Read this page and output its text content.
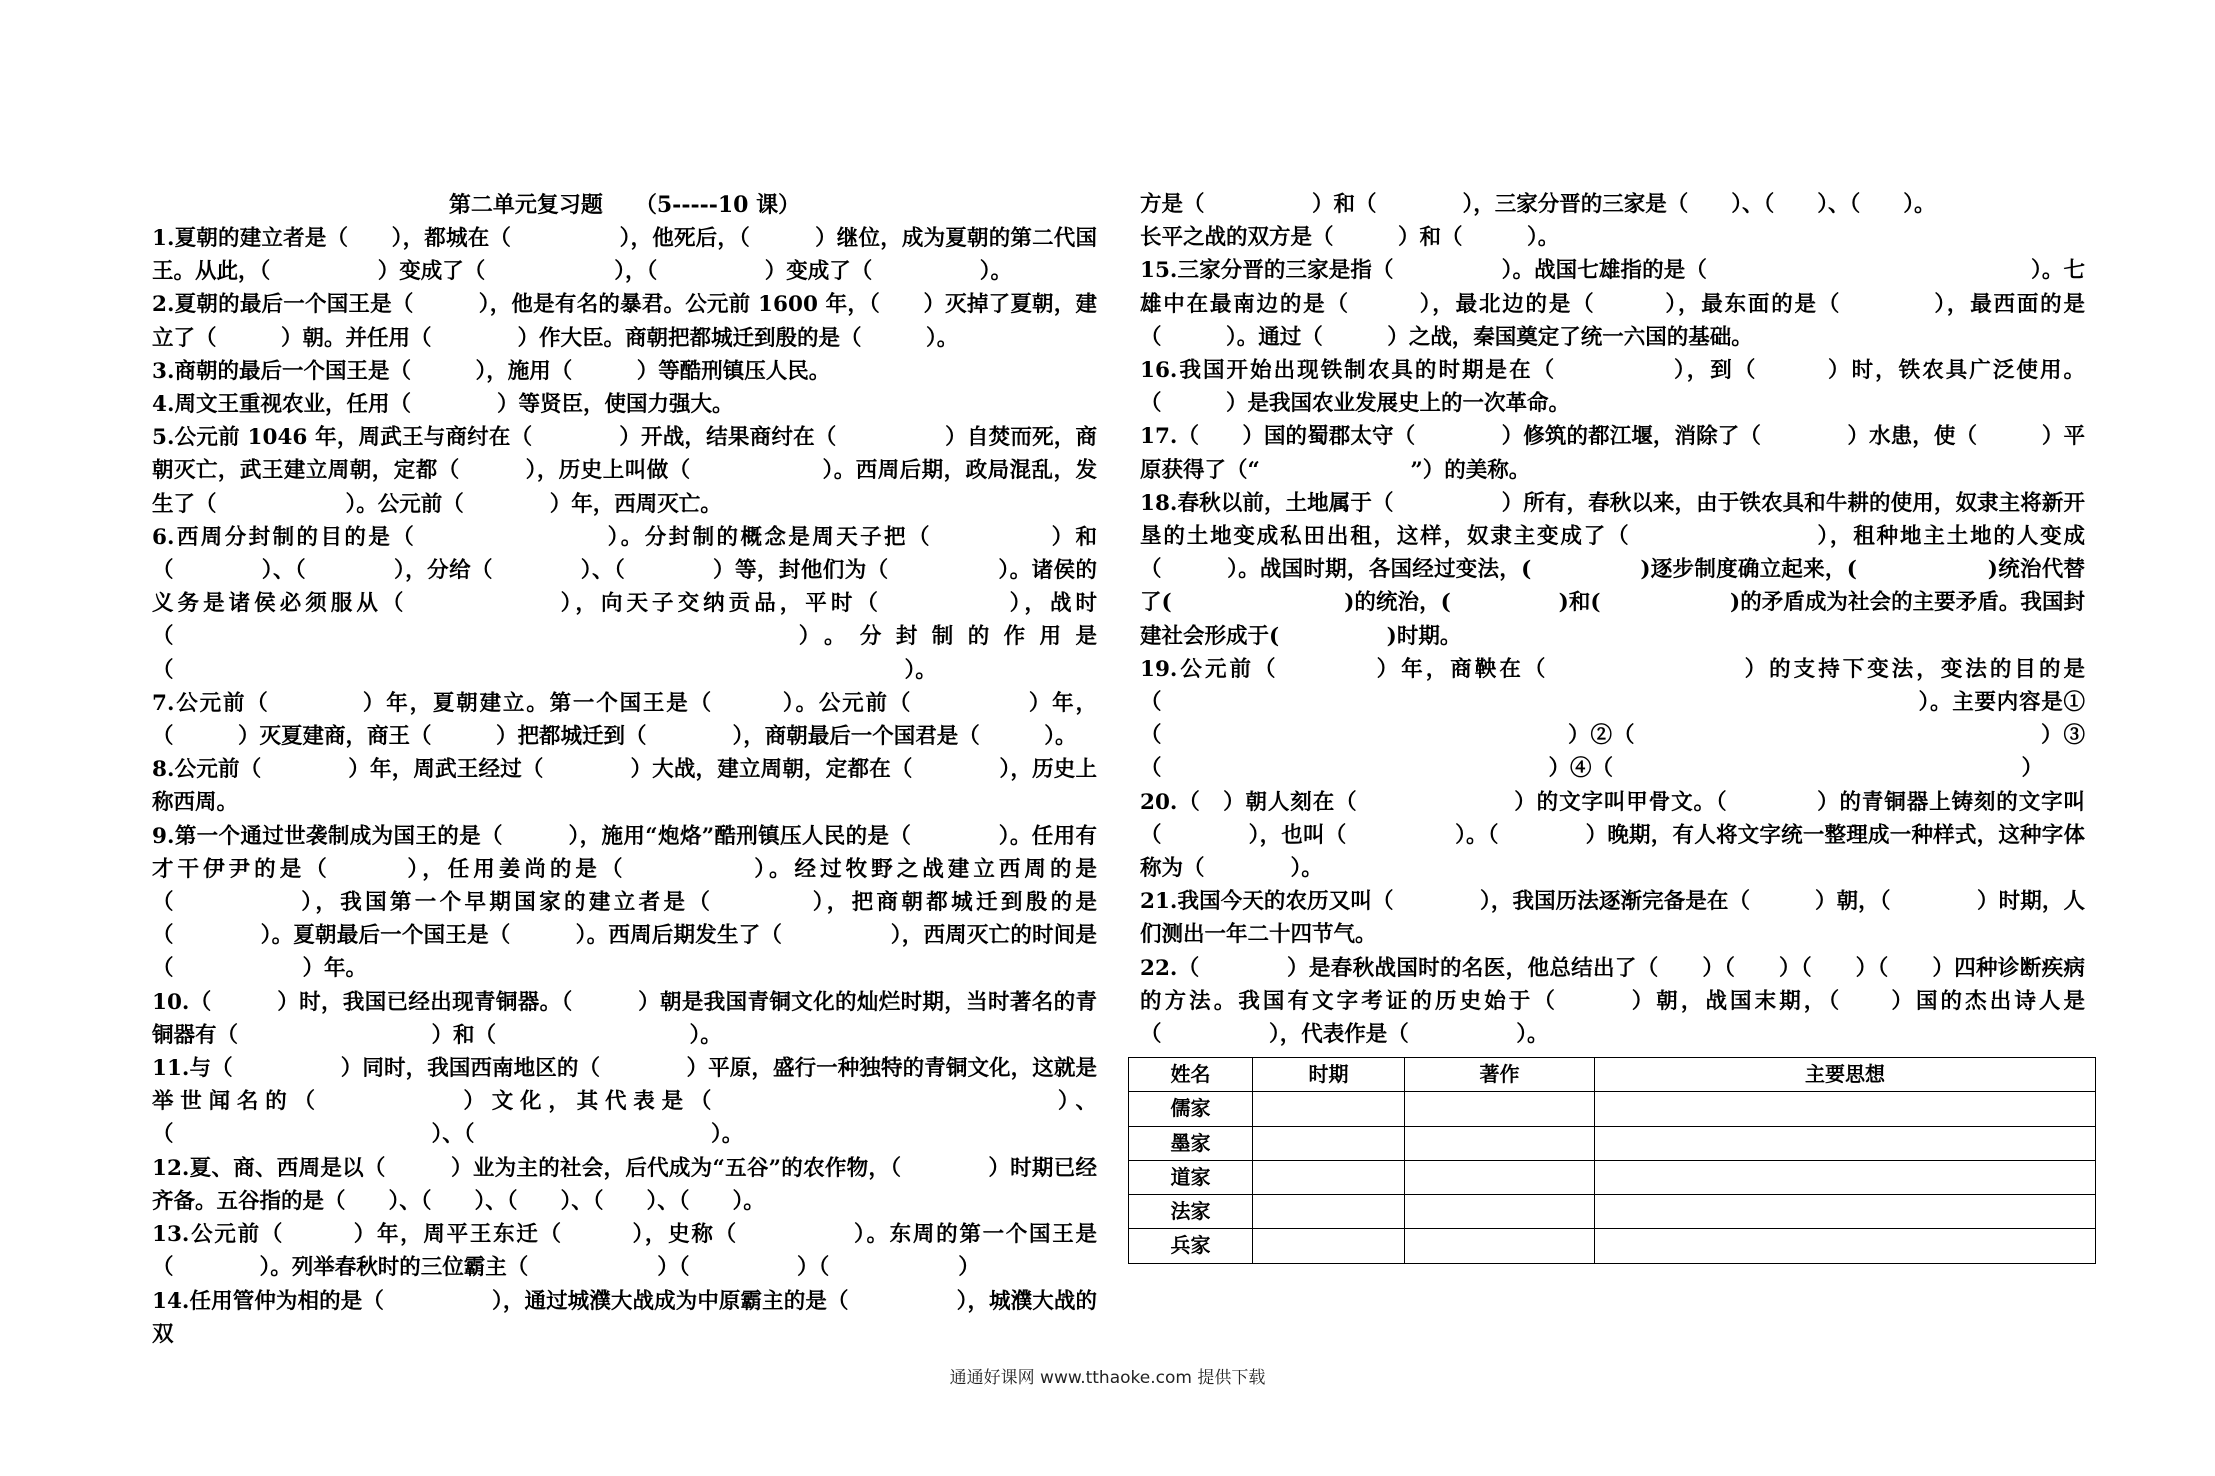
第二单元复习题 （5-----10 课）

1.夏朝的建立者是（　　），都城在（　　　　　），他死后，（　　　）继位，成为夏朝的第二代国王。从此，（　　　　　）变成了（　　　　　　），（　　　　　）变成了（　　　　　）。

2.夏朝的最后一个国王是（　　　），他是有名的暴君。公元前 1600 年，（　　）灭掉了夏朝，建立了（　　　）朝。并任用（　　　　）作大臣。商朝把都城迁到殷的是（　　　）。

3.商朝的最后一个国王是（　　　），施用（　　　）等酷刑镇压人民。

4.周文王重视农业，任用（　　　　）等贤臣，使国力强大。

5.公元前 1046 年，周武王与商纣在（　　　　）开战，结果商纣在（　　　　　）自焚而死，商朝灭亡，武王建立周朝，定都（　　　），历史上叫做（　　　　　　）。西周后期，政局混乱，发生了（　　　　　　）。公元前（　　　　）年，西周灭亡。

6.西周分封制的目的是（　　　　　　　　）。分封制的概念是周天子把（　　　　　）和（　　　　）、（　　　　），分给（　　　　）、（　　　　）等，封他们为（　　　　　）。诸侯的义务是诸侯必须服从（　　　　　　），向天子交纳贡品，平时（　　　　　），战时（　　　　　　　　　　　　　　　　　）。分封制的作用是（　　　　　　　　　　　　　　　　　　　　　　　　　　　　　　　　　　）。

7.公元前（　　　　）年，夏朝建立。第一个国王是（　　　）。公元前（　　　　　）年，（　　　）灭夏建商，商王（　　　）把都城迁到（　　　　），商朝最后一个国君是（　　　）。

8.公元前（　　　　）年，周武王经过（　　　　）大战，建立周朝，定都在（　　　　），历史上称西周。

9.第一个通过世袭制成为国王的是（　　　），施用“炮烙”酷刑镇压人民的是（　　　　）。任用有才干伊尹的是（　　　），任用姜尚的是（　　　　　）。经过牧野之战建立西周的是（　　　　　），我国第一个早期国家的建立者是（　　　　），把商朝都城迁到殷的是（　　　　）。夏朝最后一个国王是（　　　）。西周后期发生了（　　　　　），西周灭亡的时间是（　　　　　　）年。

10.（　　　）时，我国已经出现青铜器。（　　　）朝是我国青铜文化的灿烂时期，当时著名的青铜器有（　　　　　　　　　）和（　　　　　　　　　）。

11.与（　　　　　）同时，我国西南地区的（　　　　）平原，盛行一种独特的青铜文化，这就是举世闻名的（　　　　　）文化，其代表是（　　　　　　　　　　　　）、（　　　　　　　　　　　　）、（　　　　　　　　　　　）。

12.夏、商、西周是以（　　　）业为主的社会，后代成为“五谷”的农作物，（　　　　）时期已经齐备。五谷指的是（　　）、（　　）、（　　）、（　　）、（　　）。

13.公元前（　　　）年，周平王东迁（　　　），史称（　　　　　）。东周的第一个国王是（　　　　）。列举春秋时的三位霸主（　　　　　　）（　　　　　）（　　　　　　）

14.任用管仲为相的是（　　　　　），通过城濮大战成为中原霸主的是（　　　　　），城濮大战的双

方是（　　　　　）和（　　　　），三家分晋的三家是（　　）、（　　）、（　　）。

长平之战的双方是（　　　）和（　　　）。

15.三家分晋的三家是指（　　　　　）。战国七雄指的是（　　　　　　　　　　　　　　　）。七雄中在最南边的是（　　　），最北边的是（　　　），最东面的是（　　　　），最西面的是（　　　）。通过（　　　）之战，秦国奠定了统一六国的基础。

16.我国开始出现铁制农具的时期是在（　　　　　），到（　　　）时，铁农具广泛使用。（　　　）是我国农业发展史上的一次革命。

17.（　　）国的蜀郡太守（　　　　）修筑的都江堰，消除了（　　　　）水患，使（　　　）平原获得了（“　　　　　　　”）的美称。

18.春秋以前，土地属于（　　　　　）所有，春秋以来，由于铁农具和牛耕的使用，奴隶主将新开垦的土地变成私田出租，这样，奴隶主变成了（　　　　　　　　），租种地主土地的人变成（　　　）。战国时期，各国经过变法，(　　　　　)逐步制度确立起来，(　　　　　　)统治代替了(　　　　　　　　)的统治，(　　　　　)和(　　　　　　)的矛盾成为社会的主要矛盾。我国封建社会形成于(　　　　　)时期。

19.公元前（　　　　）年，商鞅在（　　　　　　　　）的支持下变法，变法的目的是（　　　　　　　　　　　　　　　　　　　　　　　　　　　　　　　　　　）。主要内容是①（　　　　　　　　　　　　　　　　　　）②（　　　　　　　　　　　　　　　　　　）③（　　　　　　　　　　　　　　　　　　）④（　　　　　　　　　　　　　　　　　　　）

20.（　）朝人刻在（　　　　　　　）的文字叫甲骨文。（　　　　）的青铜器上铸刻的文字叫（　　　　），也叫（　　　　　）。（　　　　）晚期，有人将文字统一整理成一种样式，这种字体称为（　　　　）。

21.我国今天的农历又叫（　　　　），我国历法逐渐完备是在（　　　）朝，（　　　　）时期，人们测出一年二十四节气。

22.（　　　　）是春秋战国时的名医，他总结出了（　　）（　　）（　　）（　　）四种诊断疾病的方法。我国有文字考证的历史始于（　　　）朝，战国末期，（　　）国的杰出诗人是（　　　　　），代表作是（　　　　　）。

姓名	时期	著作	主要思想
儒家			
墨家			
道家			
法家			
兵家			
通通好课网 www.tthaoke.com 提供下载
